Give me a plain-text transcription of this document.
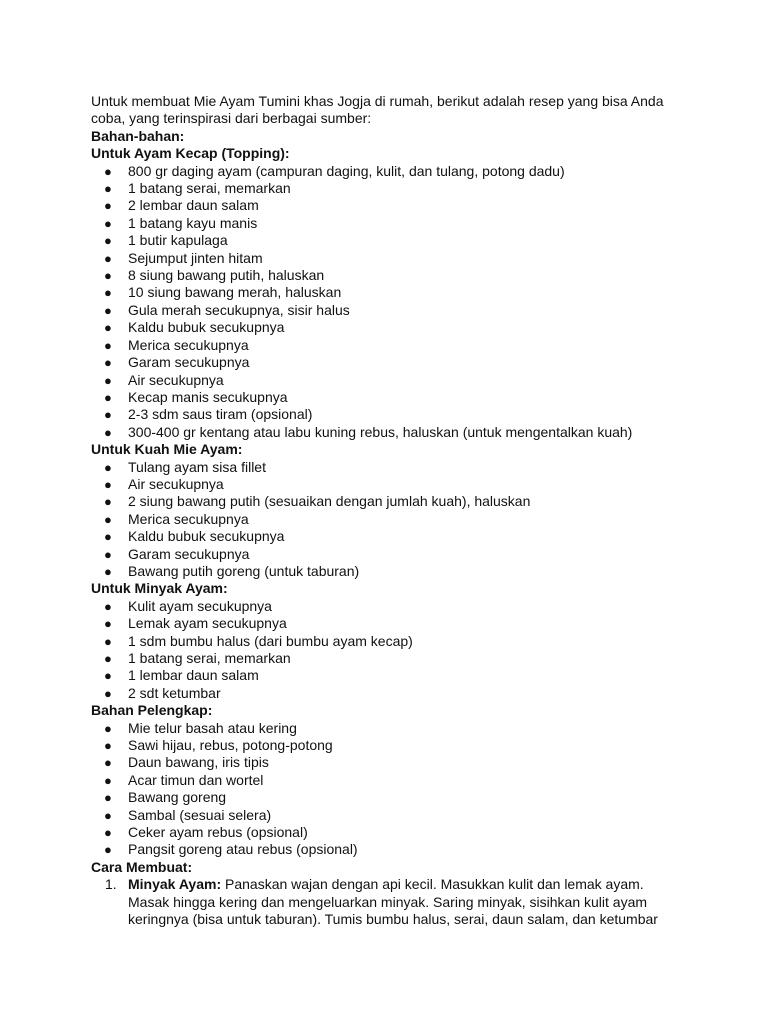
Untuk membuat Mie Ayam Tumini khas Jogja di rumah, berikut adalah resep yang bisa Anda coba, yang terinspirasi dari berbagai sumber:

Bahan-bahan:

Untuk Ayam Kecap (Topping):

● 800 gr daging ayam (campuran daging, kulit, dan tulang, potong dadu)
● 1 batang serai, memarkan
● 2 lembar daun salam
● 1 batang kayu manis
● 1 butir kapulaga
● Sejumput jinten hitam
● 8 siung bawang putih, haluskan
● 10 siung bawang merah, haluskan
● Gula merah secukupnya, sisir halus
● Kaldu bubuk secukupnya
● Merica secukupnya
● Garam secukupnya
● Air secukupnya
● Kecap manis secukupnya
● 2-3 sdm saus tiram (opsional)
● 300-400 gr kentang atau labu kuning rebus, haluskan (untuk mengentalkan kuah)

Untuk Kuah Mie Ayam:

● Tulang ayam sisa fillet
● Air secukupnya
● 2 siung bawang putih (sesuaikan dengan jumlah kuah), haluskan
● Merica secukupnya
● Kaldu bubuk secukupnya
● Garam secukupnya
● Bawang putih goreng (untuk taburan)

Untuk Minyak Ayam:

● Kulit ayam secukupnya
● Lemak ayam secukupnya
● 1 sdm bumbu halus (dari bumbu ayam kecap)
● 1 batang serai, memarkan
● 1 lembar daun salam
● 2 sdt ketumbar

Bahan Pelengkap:

● Mie telur basah atau kering
● Sawi hijau, rebus, potong-potong
● Daun bawang, iris tipis
● Acar timun dan wortel
● Bawang goreng
● Sambal (sesuai selera)
● Ceker ayam rebus (opsional)
● Pangsit goreng atau rebus (opsional)

Cara Membuat:

1. Minyak Ayam: Panaskan wajan dengan api kecil. Masukkan kulit dan lemak ayam. Masak hingga kering dan mengeluarkan minyak. Saring minyak, sisihkan kulit ayam keringnya (bisa untuk taburan). Tumis bumbu halus, serai, daun salam, dan ketumbar
